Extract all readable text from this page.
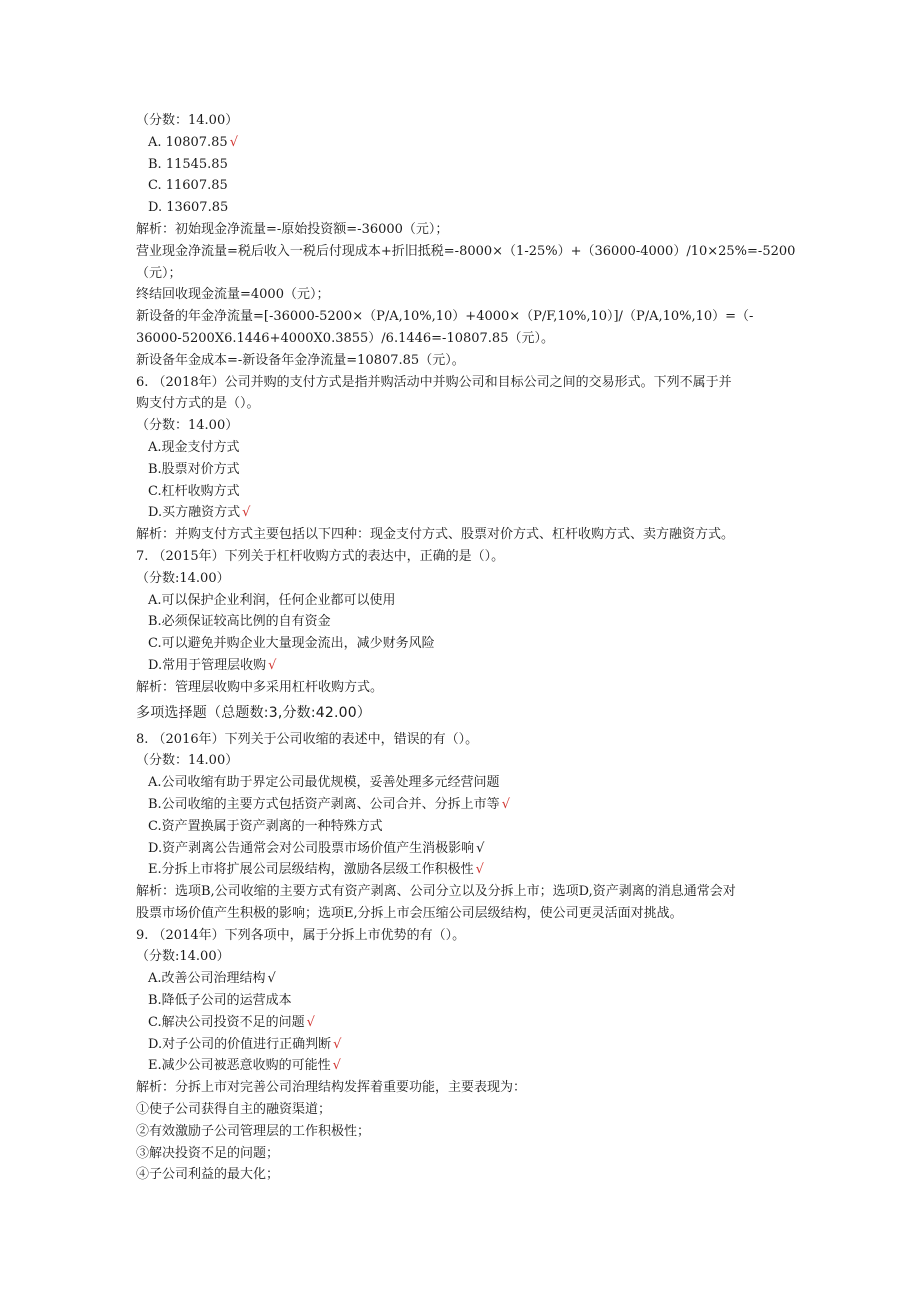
（分数：14.00）
A. 10807.85 √
B. 11545.85
C. 11607.85
D. 13607.85
解析：初始现金净流量=-原始投资额=-36000（元）；
营业现金净流量=税后收入一税后付现成本+折旧抵税=-8000×（1-25%）+（36000-4000）/10×25%=-5200
（元）；
终结回收现金流量=4000（元）；
新设备的年金净流量=[-36000-5200×（P/A,10%,10）+4000×（P/F,10%,10）]/（P/A,10%,10）=（-
36000-5200X6.1446+4000X0.3855）/6.1446=-10807.85（元）。
新设备年金成本=-新设备年金净流量=10807.85（元）。
6. （2018年）公司并购的支付方式是指并购活动中并购公司和目标公司之间的交易形式。下列不属于并
购支付方式的是（）。
（分数：14.00）
A.现金支付方式
B.股票对价方式
C.杠杆收购方式
D.买方融资方式 √
解析：并购支付方式主要包括以下四种：现金支付方式、股票对价方式、杠杆收购方式、卖方融资方式。
7. （2015年）下列关于杠杆收购方式的表达中，正确的是（）。
（分数:14.00）
A.可以保护企业利润，任何企业都可以使用
B.必须保证较高比例的自有资金
C.可以避免并购企业大量现金流出，减少财务风险
D.常用于管理层收购 √
解析：管理层收购中多采用杠杆收购方式。
多项选择题（总题数:3,分数:42.00）
8. （2016年）下列关于公司收缩的表述中，错误的有（）。
（分数：14.00）
A.公司收缩有助于界定公司最优规模，妥善处理多元经营问题
B.公司收缩的主要方式包括资产剥离、公司合并、分拆上市等 √
C.资产置换属于资产剥离的一种特殊方式
D.资产剥离公告通常会对公司股票市场价值产生消极影响 √
E.分拆上市将扩展公司层级结构，激励各层级工作积极性 √
解析：选项B,公司收缩的主要方式有资产剥离、公司分立以及分拆上市；选项D,资产剥离的消息通常会对
股票市场价值产生积极的影响；选项E,分拆上市会压缩公司层级结构，使公司更灵活面对挑战。
9. （2014年）下列各项中，属于分拆上市优势的有（）。
（分数:14.00）
A.改善公司治理结构 √
B.降低子公司的运营成本
C.解决公司投资不足的问题 √
D.对子公司的价值进行正确判断 √
E.减少公司被恶意收购的可能性 √
解析：分拆上市对完善公司治理结构发挥着重要功能，主要表现为：
①使子公司获得自主的融资渠道；
②有效激励子公司管理层的工作积极性；
③解决投资不足的问题；
④子公司利益的最大化；
